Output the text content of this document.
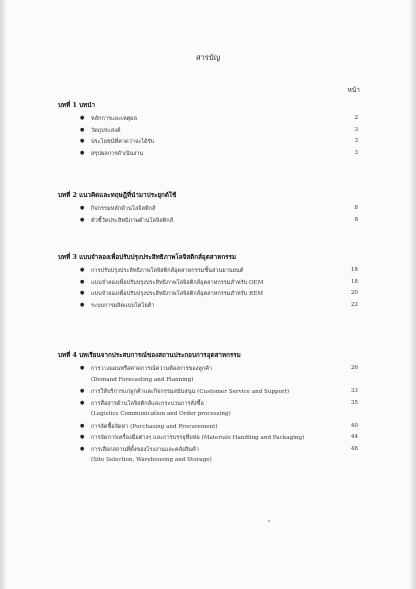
สารบัญ
หน้า
บทที่ 1 บทนำ
● หลักการและเหตุผล	2
● วัตถุประสงค์	3
● ประโยชน์ที่คาดว่าจะได้รับ	3
● สรุปผลการดำเนินงาน	3
บทที่ 2 แนวคิดและทฤษฎีที่นำมาประยุกต์ใช้
● กิจกรรมหลักด้านโลจิสติกส์	8
● ตัวชี้วัดประสิทธิภาพด้านโลจิสติกส์	8
บทที่ 3 แบบจำลองเพื่อปรับปรุงประสิทธิภาพโลจิสติกส์อุตสาหกรรม
● การปรับปรุงประสิทธิภาพโลจิสติกส์อุตสาหกรรมชิ้นส่วนยานยนต์	18
● แบบจำลองเพื่อปรับปรุงประสิทธิภาพโลจิสติกส์อุตสาหกรรมสำหรับ OEM	18
● แบบจำลองเพื่อปรับปรุงประสิทธิภาพโลจิสติกส์อุตสาหกรรมสำหรับ REM	20
● ระบบการผลิตแบบโตโยต้า	22
บทที่ 4 บทเรียนจากประสบการณ์ของสถานประกอบการอุตสาหกรรม
● การวางแผนหรือคาดการณ์ความต้องการของลูกค้า	26
(Demand Forecasting and Planning)
● การให้บริการแก่ลูกค้าและกิจกรรมสนับสนุน (Customer Service and Support)	33
● การสื่อสารด้านโลจิสติกส์และกระบวนการสั่งซื้อ	35
(Logistics Communication and Order processing)
● การจัดซื้อจัดหา (Purchasing and Procurement)	40
● การจัดการเครื่องมือต่างๆ และการบรรจุหีบห่อ (Materials Handling and Packaging)	44
● การเลือกสถานที่ตั้งของโรงงานและคลังสินค้า	48
(Site Selection, Warehousing and Storage)
